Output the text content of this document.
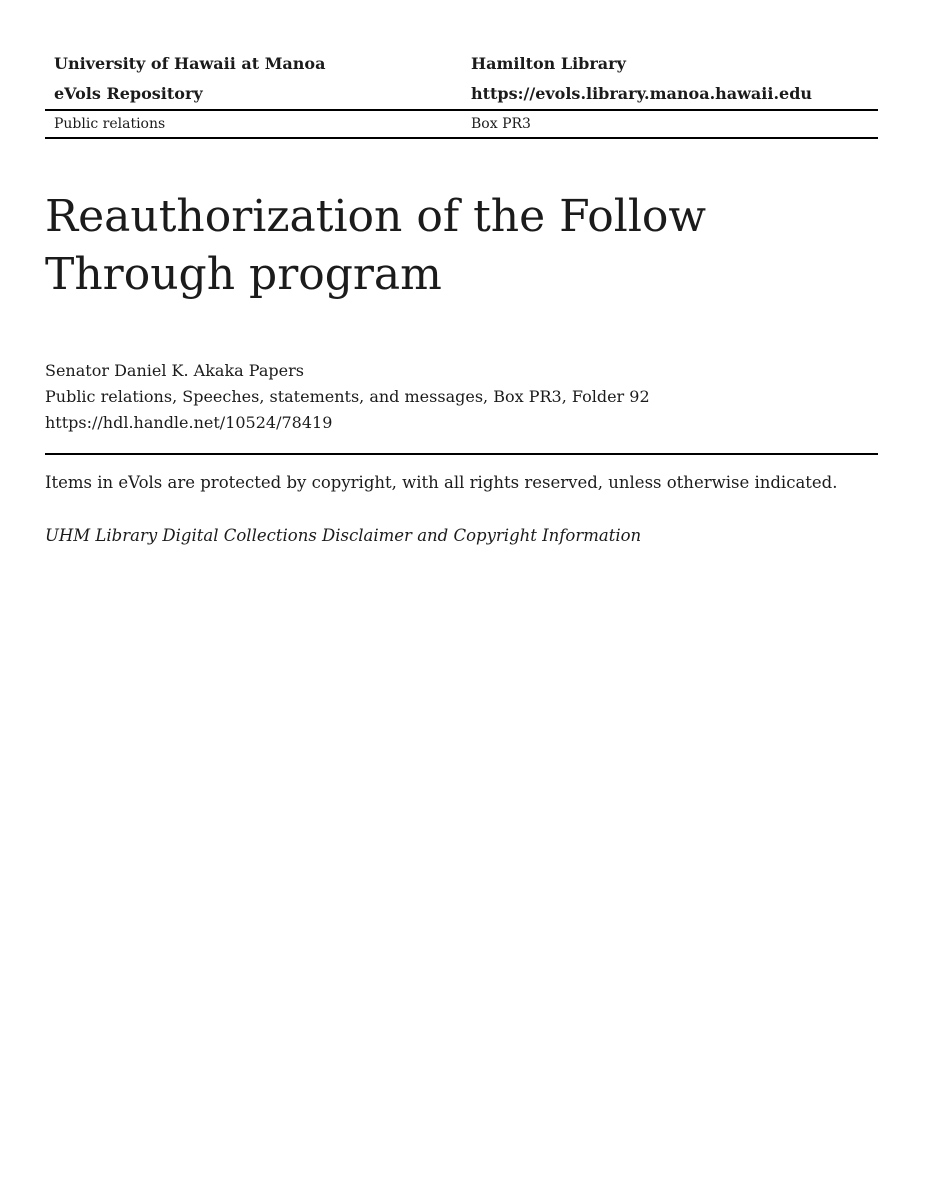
University of Hawaii at Manoa
eVols Repository
Hamilton Library
https://evols.library.manoa.hawaii.edu
Public relations	Box PR3
Reauthorization of the Follow Through program
Senator Daniel K. Akaka Papers
Public relations, Speeches, statements, and messages, Box PR3, Folder 92
https://hdl.handle.net/10524/78419

Items in eVols are protected by copyright, with all rights reserved, unless otherwise indicated.

UHM Library Digital Collections Disclaimer and Copyright Information
